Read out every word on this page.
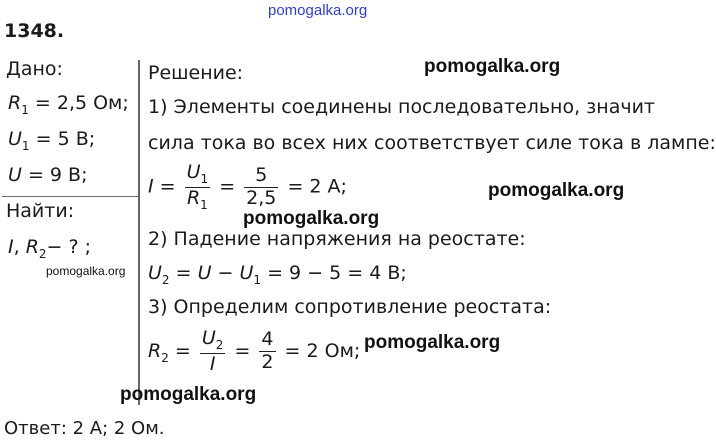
pomogalka.org
1348.
Дано:
$R_1 = 2,5$ Ом;
$U_1 = 5$ В;
U = 9 В;
Найти:
I, $R_2-$ ? ;
Решение:
1) Элементы соединены последовательно, значит
сила тока во всех них соответствует силе тока в лампе:
$I = \frac{U_1}{R_1} = \frac{5}{2,5} = 2$ А;
2) Падение напряжения на реостате:
$U_2 = U - U_1 = 9 - 5 = 4$ В;
3) Определим сопротивление реостата:
$R_2 = \frac{U_2}{I} = \frac{4}{2} = 2$ Ом;
Ответ: 2 А; 2 Ом.
pomogalka.org
pomogalka.org
pomogalka.org
pomogalka.org
pomogalka.org
pomogalka.org
